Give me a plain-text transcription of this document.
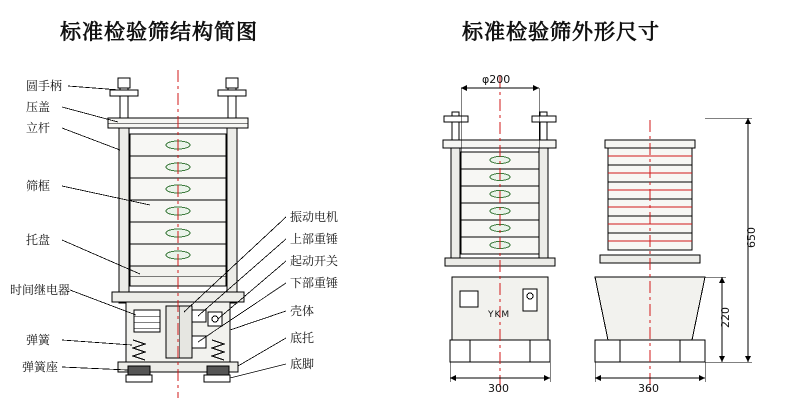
标准检验筛结构简图	标准检验筛外形尺寸
圆手柄
压盖
立杆
筛框
托盘
时间继电器
弹簧
弹簧座
振动电机
上部重锤
起动开关
下部重锤
壳体
底托
底脚
φ200
650
220
300	360
YKM
